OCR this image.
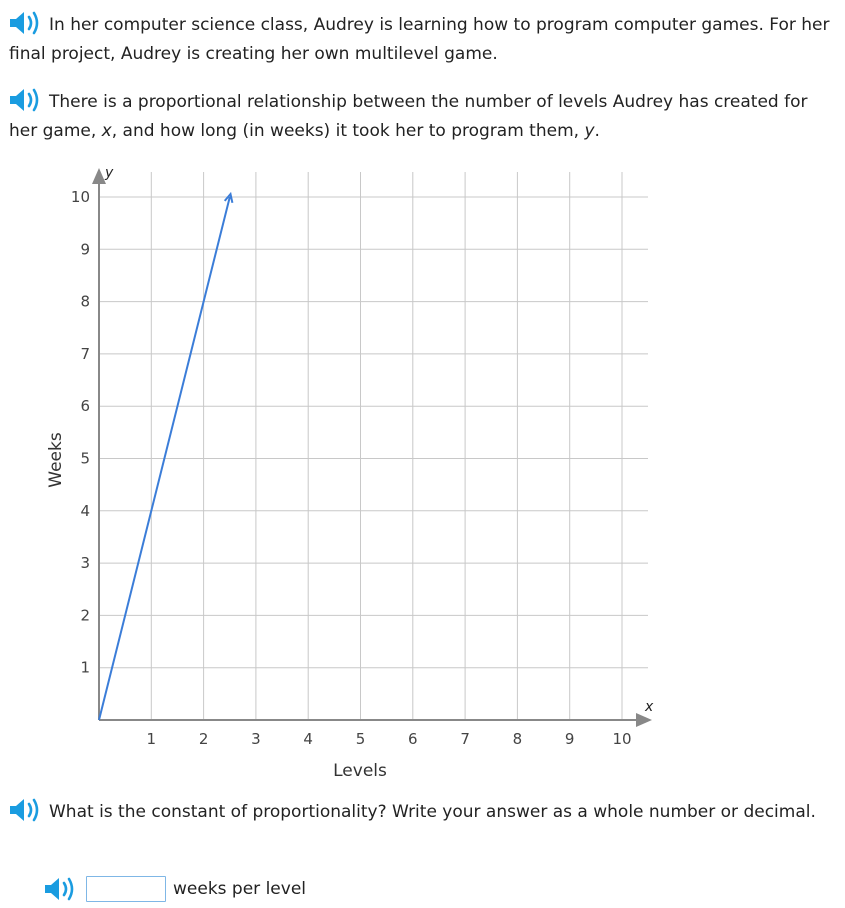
In her computer science class, Audrey is learning how to program computer games. For her final project, Audrey is creating her own multilevel game.
There is a proportional relationship between the number of levels Audrey has created for her game, x, and how long (in weeks) it took her to program them, y.
1	2	3	4	5	6	7	8	9	10
1
2
3
4
5
6
7
8
9
10
x
y
Levels
Weeks
What is the constant of proportionality? Write your answer as a whole number or decimal.
weeks per level
